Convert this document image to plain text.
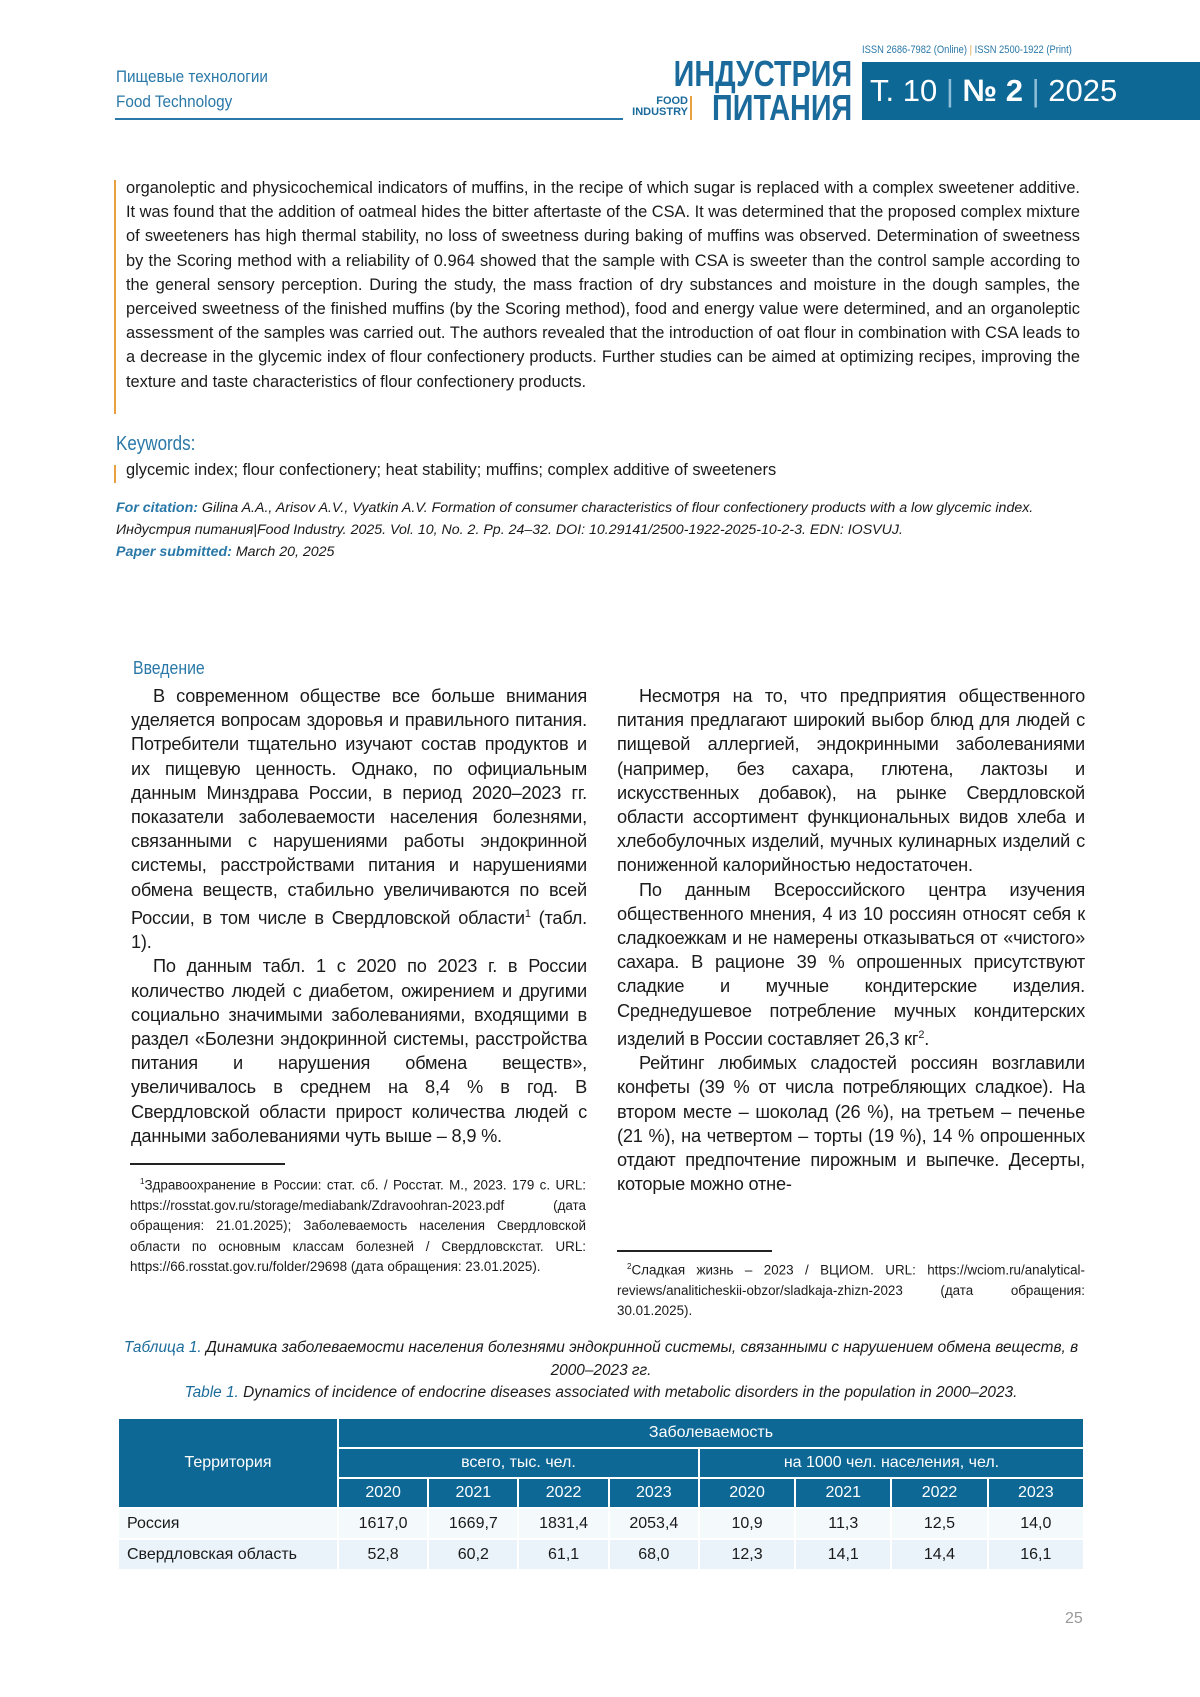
Пищевые технологии
Food Technology
ISSN 2686-7982 (Online) | ISSN 2500-1922 (Print)
ИНДУСТРИЯ
FOOD
INDUSTRY ПИТАНИЯ Т. 10 | № 2 | 2025
organoleptic and physicochemical indicators of muffins, in the recipe of which sugar is replaced with a complex sweetener additive. It was found that the addition of oatmeal hides the bitter aftertaste of the CSA. It was determined that the proposed complex mixture of sweeteners has high thermal stability, no loss of sweetness during baking of muffins was observed. Determination of sweetness by the Scoring method with a reliability of 0.964 showed that the sample with CSA is sweeter than the control sample according to the general sensory perception. During the study, the mass fraction of dry substances and moisture in the dough samples, the perceived sweetness of the finished muffins (by the Scoring method), food and energy value were determined, and an organoleptic assessment of the samples was carried out. The authors revealed that the introduction of oat flour in combination with CSA leads to a decrease in the glycemic index of flour confectionery products. Further studies can be aimed at optimizing recipes, improving the texture and taste characteristics of flour confectionery products.
Keywords:
glycemic index; flour confectionery; heat stability; muffins; complex additive of sweeteners
For citation: Gilina A.A., Arisov A.V., Vyatkin A.V. Formation of consumer characteristics of flour confectionery products with a low glycemic index. Индустрия питания|Food Industry. 2025. Vol. 10, No. 2. Pp. 24–32. DOI: 10.29141/2500-1922-2025-10-2-3. EDN: IOSVUJ.
Paper submitted: March 20, 2025
Введение

В современном обществе все больше внимания уделяется вопросам здоровья и правильного питания. Потребители тщательно изучают состав продуктов и их пищевую ценность. Однако, по официальным данным Минздрава России, в период 2020–2023 гг. показатели заболеваемости населения болезнями, связанными с нарушениями работы эндокринной системы, расстройствами питания и нарушениями обмена веществ, стабильно увеличиваются по всей России, в том числе в Свердловской области$^1$ (табл. 1).

По данным табл. 1 с 2020 по 2023 г. в России количество людей с диабетом, ожирением и другими социально значимыми заболеваниями, входящими в раздел «Болезни эндокринной системы, расстройства питания и нарушения обмена веществ», увеличивалось в среднем на 8,4 % в год. В Свердловской области прирост количества людей с данными заболеваниями чуть выше – 8,9 %.

Несмотря на то, что предприятия общественного питания предлагают широкий выбор блюд для людей с пищевой аллергией, эндокринными заболеваниями (например, без сахара, глютена, лактозы и искусственных добавок), на рынке Свердловской области ассортимент функциональных видов хлеба и хлебобулочных изделий, мучных кулинарных изделий с пониженной калорийностью недостаточен.

По данным Всероссийского центра изучения общественного мнения, 4 из 10 россиян относят себя к сладкоежкам и не намерены отказываться от «чистого» сахара. В рационе 39 % опрошенных присутствуют сладкие и мучные кондитерские изделия. Среднедушевое потребление мучных кондитерских изделий в России составляет 26,3 $кг^2$.

Рейтинг любимых сладостей россиян возглавили конфеты (39 % от числа потребляющих сладкое). На втором месте – шоколад (26 %), на третьем – печенье (21 %), на четвертом – торты (19 %), 14 % опрошенных отдают предпочтение пирожным и выпечке. Десерты, которые можно отне-

$^1$Здравоохранение в России: стат. сб. / Росстат. М., 2023. 179 с. URL: https://rosstat.gov.ru/storage/mediabank/Zdravoohran-2023.pdf (дата обращения: 21.01.2025); Заболеваемость населения Свердловской области по основным классам болезней / Свердловскстат. URL: https://66.rosstat.gov.ru/folder/29698 (дата обращения: 23.01.2025).	$^2$Сладкая жизнь – 2023 / ВЦИОМ. URL: https://wciom.ru/analytical-reviews/analiticheskii-obzor/sladkaja-zhizn-2023 (дата обращения: 30.01.2025).
Таблица 1. Динамика заболеваемости населения болезнями эндокринной системы, связанными с нарушением обмена веществ, в 2000–2023 гг.
Table 1. Dynamics of incidence of endocrine diseases associated with metabolic disorders in the population in 2000–2023.
Территория	Заболеваемость							
	всего, тыс. чел.				на 1000 чел. населения, чел.			
	2020	2021	2022	2023	2020	2021	2022	2023
Россия	1617,0	1669,7	1831,4	2053,4	10,9	11,3	12,5	14,0
Свердловская область	52,8	60,2	61,1	68,0	12,3	14,1	14,4	16,1
25
